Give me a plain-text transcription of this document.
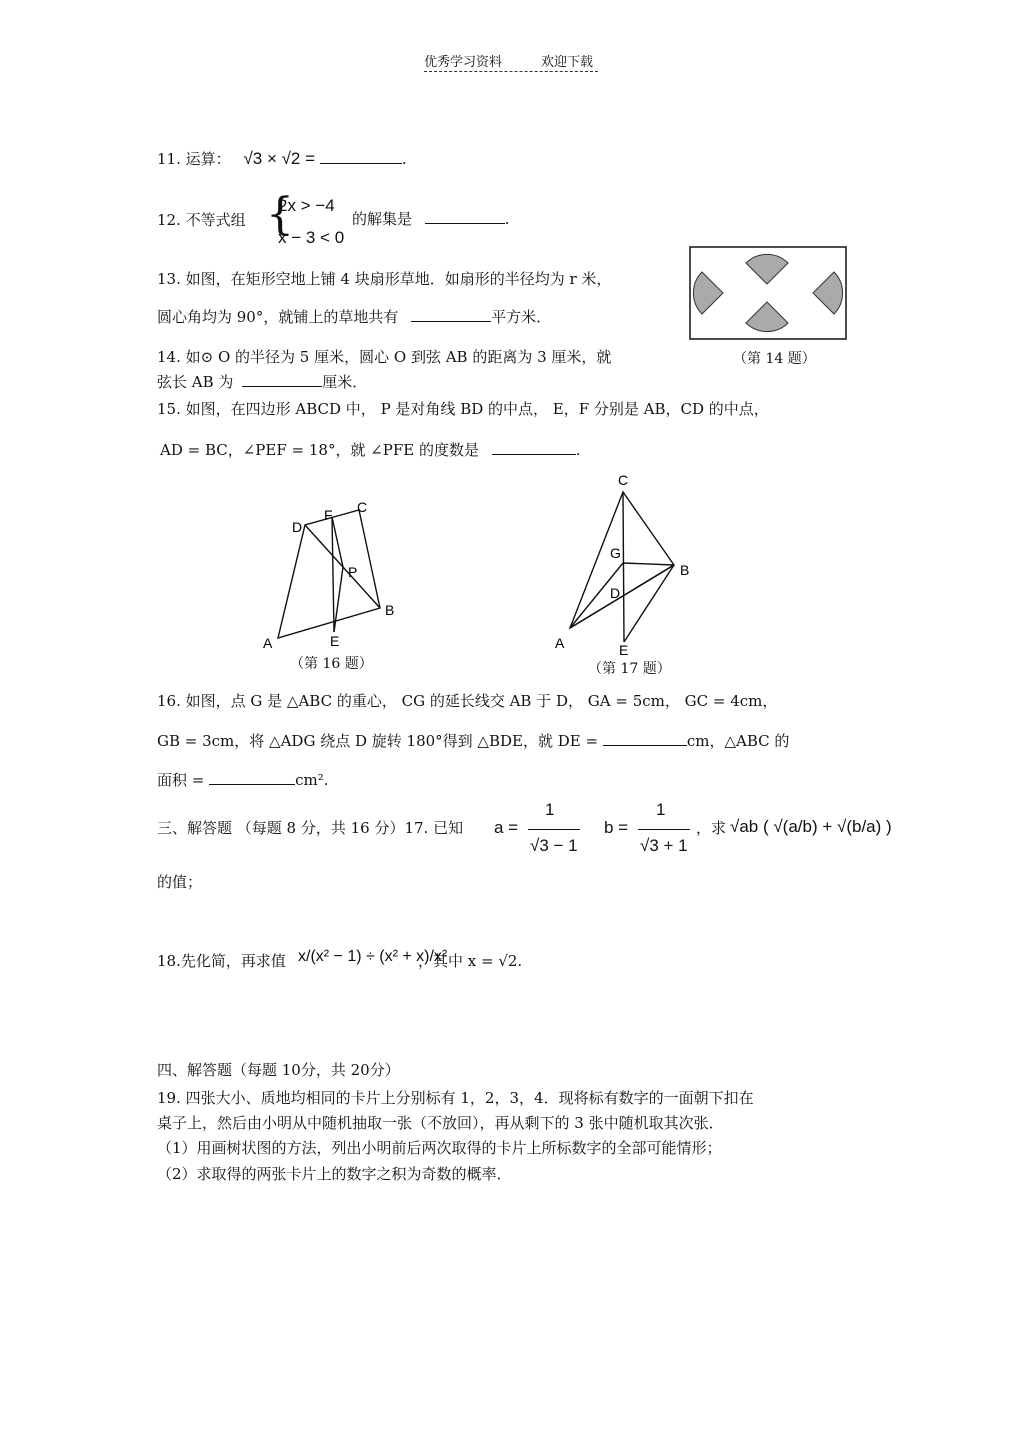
优秀学习资料	欢迎下载
11. 运算： √3 × √2 =	.
12. 不等式组 {
2x > −4
x − 3 < 0
的解集是	.
13. 如图，在矩形空地上铺 4 块扇形草地．如扇形的半径均为 r 米，
圆心角均为 90°，就铺上的草地共有	平方米．
（第 14 题）
14. 如⊙ O 的半径为 5 厘米，圆心 O 到弦 AB 的距离为 3 厘米，就
弦长 AB 为	厘米．
15. 如图，在四边形 ABCD 中， P 是对角线 BD 的中点， E，F 分别是 AB，CD 的中点，
AD = BC，∠PEF = 18°，就 ∠PFE 的度数是	.
A
B
C
D
E
F
P
（第 16 题）
A
B
C
D
E
G
（第 17 题）
16. 如图，点 G 是 △ABC 的重心， CG 的延长线交 AB 于 D， GA = 5cm， GC = 4cm，
GB = 3cm，将 △ADG 绕点 D 旋转 180°得到 △BDE，就 DE =	cm，△ABC 的
面积 =	cm².
三、解答题 （每题 8 分，共 16 分）17. 已知 a =
1
√3 − 1
b =
1
√3 + 1
，求 √ab ( √(a/b) + √(b/a) )
的值；
18.先化简，再求值 x/(x² − 1) ÷ (x² + x)/x²
，其中 x = √2.
四、解答题（每题 10分，共 20分）
19. 四张大小、质地均相同的卡片上分别标有 1，2，3，4．现将标有数字的一面朝下扣在
桌子上，然后由小明从中随机抽取一张（不放回），再从剩下的 3 张中随机取其次张．
（1）用画树状图的方法，列出小明前后两次取得的卡片上所标数字的全部可能情形；
（2）求取得的两张卡片上的数字之积为奇数的概率．
